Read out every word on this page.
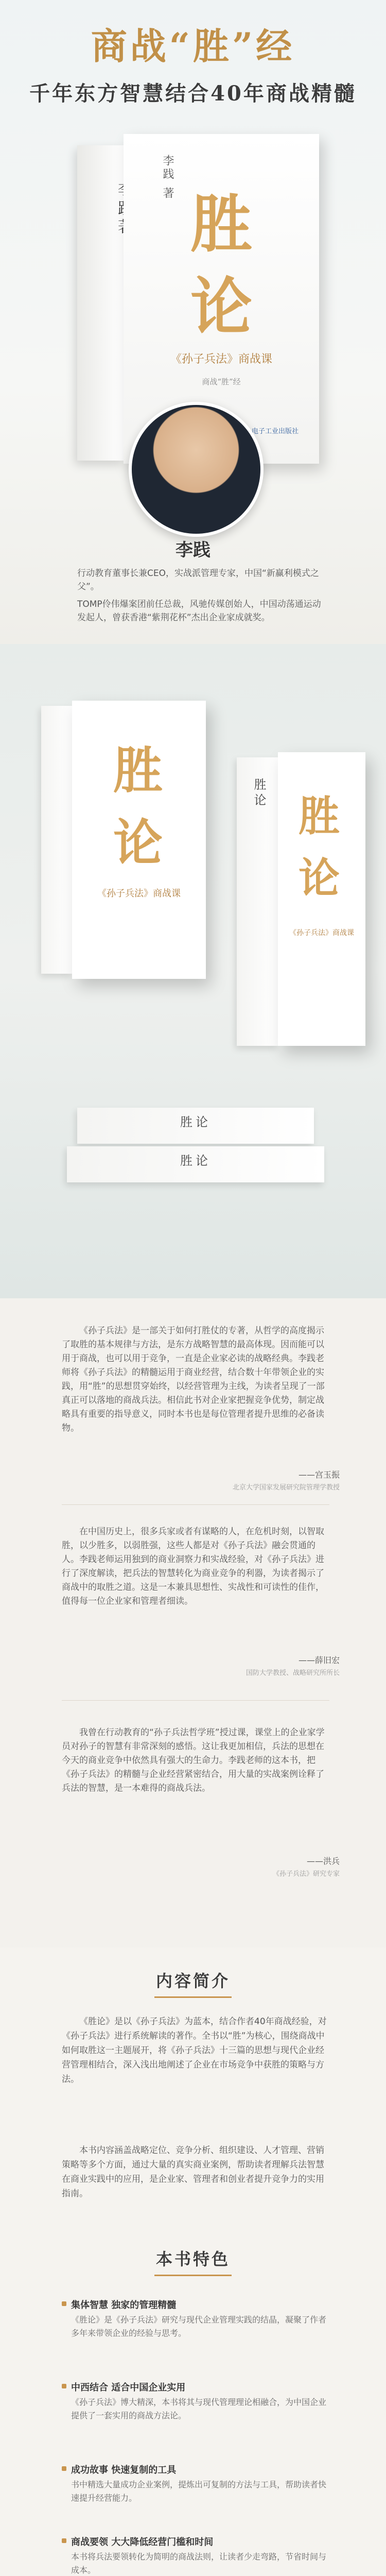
商战“胜”经
千年东方智慧结合40年商战精髓
李践 著
胜
论
《孙子兵法》商战课
商战“胜”经
电子工业出版社
李践
行动教育董事长兼CEO，实战派管理专家，中国“新赢利模式之父”。
TOMP伶伟爆案团前任总裁，风驰传媒创始人，中国动荡通运动发起人，曾获香港“紫荆花杯”杰出企业家成就奖。
胜
论
《孙子兵法》商战课
胜论 胜
论
《孙子兵法》商战课
胜论
胜论
《孙子兵法》是一部关于如何打胜仗的专著，从哲学的高度揭示了取胜的基本规律与方法，是东方战略智慧的最高体现。因而能可以用于商战，也可以用于竞争，一直是企业家必读的战略经典。李践老师将《孙子兵法》的精髓运用于商业经营，结合数十年带领企业的实践，用“胜”的思想贯穿始终，以经营管理为主线，为读者呈现了一部真正可以落地的商战兵法。相信此书对企业家把握竞争优势，制定战略具有重要的指导意义，同时本书也是每位管理者提升思维的必备读物。
——宫玉振
北京大学国家发展研究院管理学教授
在中国历史上，很多兵家或者有谋略的人，在危机时刻，以智取胜，以少胜多，以弱胜强，这些人都是对《孙子兵法》融会贯通的人。李践老师运用独到的商业洞察力和实战经验，对《孙子兵法》进行了深度解读，把兵法的智慧转化为商业竞争的利器，为读者揭示了商战中的取胜之道。这是一本兼具思想性、实战性和可读性的佳作，值得每一位企业家和管理者细读。
——薛旧宏
国防大学教授、战略研究所所长
我曾在行动教育的“孙子兵法哲学班”授过课，课堂上的企业家学员对孙子的智慧有非常深刻的感悟。这让我更加相信，兵法的思想在今天的商业竞争中依然具有强大的生命力。李践老师的这本书，把《孙子兵法》的精髓与企业经营紧密结合，用大量的实战案例诠释了兵法的智慧，是一本难得的商战兵法。
——洪兵
《孙子兵法》研究专家
内容简介
《胜论》是以《孙子兵法》为蓝本，结合作者40年商战经验，对《孙子兵法》进行系统解读的著作。全书以“胜”为核心，围绕商战中如何取胜这一主题展开，将《孙子兵法》十三篇的思想与现代企业经营管理相结合，深入浅出地阐述了企业在市场竞争中获胜的策略与方法。
本书内容涵盖战略定位、竞争分析、组织建设、人才管理、营销策略等多个方面，通过大量的真实商业案例，帮助读者理解兵法智慧在商业实践中的应用，是企业家、管理者和创业者提升竞争力的实用指南。
本书特色
集体智慧 独家的管理精髓
《胜论》是《孙子兵法》研究与现代企业管理实践的结晶，凝聚了作者多年来带领企业的经验与思考。
中西结合 适合中国企业实用
《孙子兵法》博大精深，本书将其与现代管理理论相融合，为中国企业提供了一套实用的商战方法论。
成功故事 快速复制的工具
书中精选大量成功企业案例，提炼出可复制的方法与工具，帮助读者快速提升经营能力。
商战要领 大大降低经营门槛和时间
本书将兵法要领转化为简明的商战法则，让读者少走弯路，节省时间与成本。
